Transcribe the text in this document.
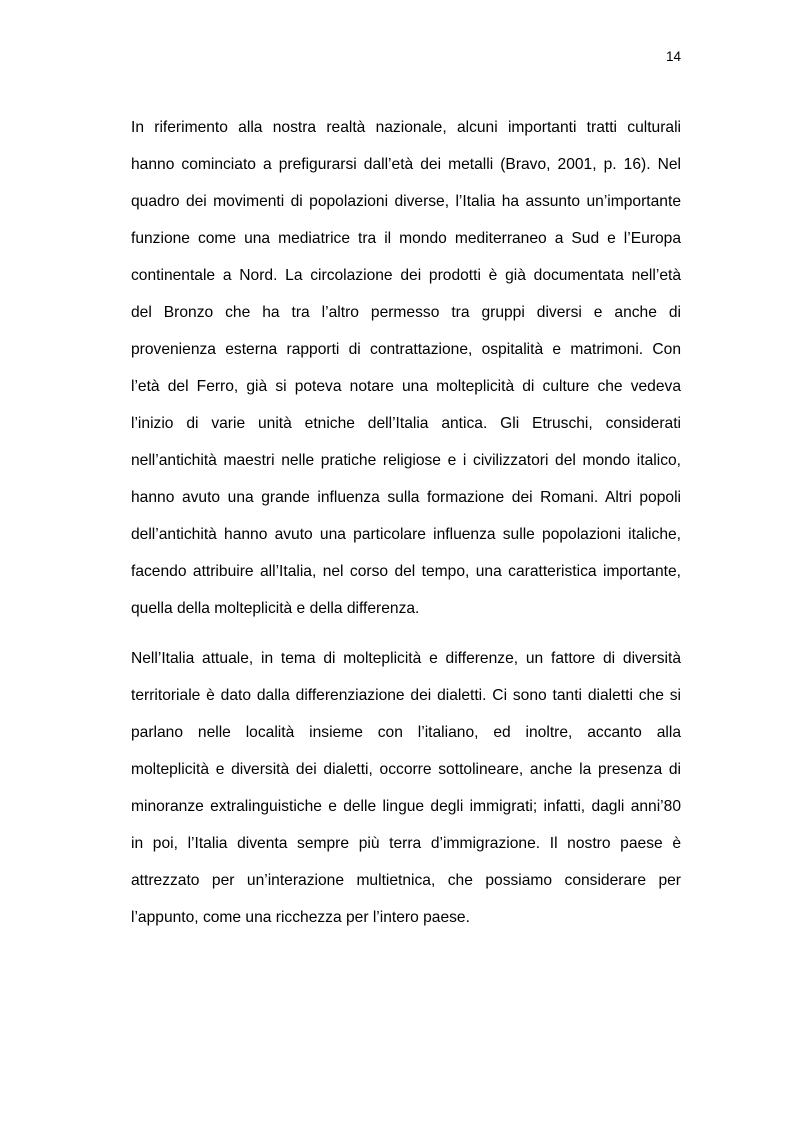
14
In riferimento alla nostra realtà nazionale, alcuni importanti tratti culturali
hanno cominciato a prefigurarsi dall’età dei metalli (Bravo, 2001, p. 16). Nel
quadro dei movimenti di popolazioni diverse, l’Italia ha assunto un’importante
funzione come una mediatrice tra il mondo mediterraneo a Sud e l’Europa
continentale a Nord. La circolazione dei prodotti è già documentata nell’età
del Bronzo che ha tra l’altro permesso tra gruppi diversi e anche di
provenienza esterna rapporti di contrattazione, ospitalità e matrimoni. Con
l’età del Ferro, già si poteva notare una molteplicità di culture che vedeva
l’inizio di varie unità etniche dell’Italia antica. Gli Etruschi, considerati
nell’antichità maestri nelle pratiche religiose e i civilizzatori del mondo italico,
hanno avuto una grande influenza sulla formazione dei Romani. Altri popoli
dell’antichità hanno avuto una particolare influenza sulle popolazioni italiche,
facendo attribuire all’Italia, nel corso del tempo, una caratteristica importante,
quella della molteplicità e della differenza.
Nell’Italia attuale, in tema di molteplicità e differenze, un fattore di diversità
territoriale è dato dalla differenziazione dei dialetti. Ci sono tanti dialetti che si
parlano nelle località insieme con l’italiano, ed inoltre, accanto alla
molteplicità e diversità dei dialetti, occorre sottolineare, anche la presenza di
minoranze extralinguistiche e delle lingue degli immigrati; infatti, dagli anni’80
in poi, l’Italia diventa sempre più terra d’immigrazione. Il nostro paese è
attrezzato per un’interazione multietnica, che possiamo considerare per
l’appunto, come una ricchezza per l’intero paese.
